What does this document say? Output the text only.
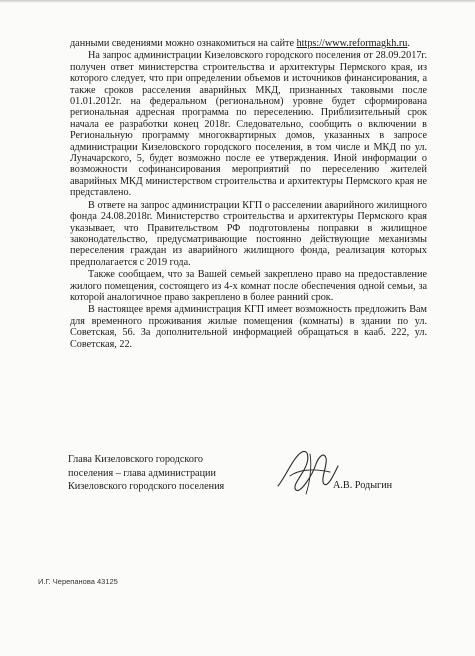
данными сведениями можно ознакомиться на сайте https://www.reformagkh.ru.

На запрос администрации Кизеловского городского поселения от 28.09.2017г. получен ответ министерства строительства и архитектуры Пермского края, из которого следует, что при определении объемов и источников финансирования, а также сроков расселения аварийных МКД, признанных таковыми после 01.01.2012г. на федеральном (региональном) уровне будет сформирована региональная адресная программа по переселению. Приблизительный срок начала ее разработки конец 2018г. Следовательно, сообщить о включении в Региональную программу многоквартирных домов, указанных в запросе администрации Кизеловского городского поселения, в том числе и МКД по ул. Луначарского, 5, будет возможно после ее утверждения. Иной информации о возможности софинансирования мероприятий по переселению жителей аварийных МКД министерством строительства и архитектуры Пермского края не представлено.

В ответе на запрос администрации КГП о расселении аварийного жилищного фонда 24.08.2018г. Министерство строительства и архитектуры Пермского края указывает, что Правительством РФ подготовлены поправки в жилищное законодательство, предусматривающие постоянно действующие механизмы переселения граждан из аварийного жилищного фонда, реализация которых предполагается с 2019 года.

Также сообщаем, что за Вашей семьей закреплено право на предоставление жилого помещения, состоящего из 4-х комнат после обеспечения одной семьи, за которой аналогичное право закреплено в более ранний срок.

В настоящее время администрация КГП имеет возможность предложить Вам для временного проживания жилые помещения (комнаты) в здании по ул. Советская, 56. За дополнительной информацией обращаться в кааб. 222, ул. Советская, 22.

Глава Кизеловского городского
поселения – глава администрации
Кизеловского городского поселения	А.В. Родыгин
И.Г. Черепанова 43125
